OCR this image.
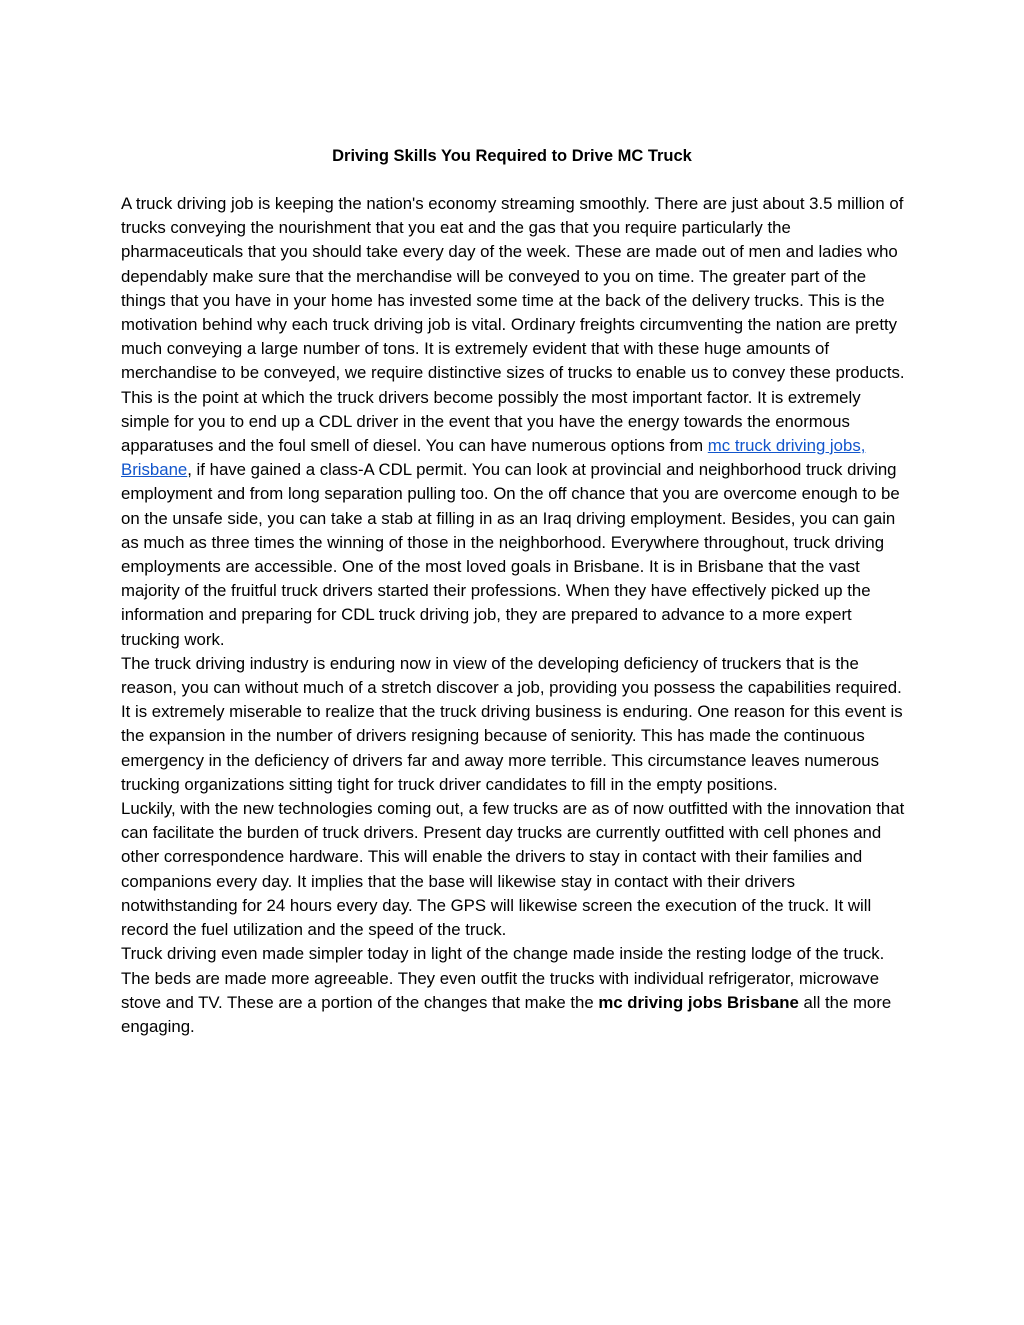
Driving Skills You Required to Drive MC Truck

A truck driving job is keeping the nation's economy streaming smoothly. There are just about 3.5 million of trucks conveying the nourishment that you eat and the gas that you require particularly the pharmaceuticals that you should take every day of the week. These are made out of men and ladies who dependably make sure that the merchandise will be conveyed to you on time. The greater part of the things that you have in your home has invested some time at the back of the delivery trucks. This is the motivation behind why each truck driving job is vital. Ordinary freights circumventing the nation are pretty much conveying a large number of tons. It is extremely evident that with these huge amounts of merchandise to be conveyed, we require distinctive sizes of trucks to enable us to convey these products. This is the point at which the truck drivers become possibly the most important factor. It is extremely simple for you to end up a CDL driver in the event that you have the energy towards the enormous apparatuses and the foul smell of diesel. You can have numerous options from mc truck driving jobs, Brisbane, if have gained a class-A CDL permit. You can look at provincial and neighborhood truck driving employment and from long separation pulling too. On the off chance that you are overcome enough to be on the unsafe side, you can take a stab at filling in as an Iraq driving employment. Besides, you can gain as much as three times the winning of those in the neighborhood. Everywhere throughout, truck driving employments are accessible. One of the most loved goals in Brisbane. It is in Brisbane that the vast majority of the fruitful truck drivers started their professions. When they have effectively picked up the information and preparing for CDL truck driving job, they are prepared to advance to a more expert trucking work.

The truck driving industry is enduring now in view of the developing deficiency of truckers that is the reason, you can without much of a stretch discover a job, providing you possess the capabilities required.

It is extremely miserable to realize that the truck driving business is enduring. One reason for this event is the expansion in the number of drivers resigning because of seniority. This has made the continuous emergency in the deficiency of drivers far and away more terrible. This circumstance leaves numerous trucking organizations sitting tight for truck driver candidates to fill in the empty positions.

Luckily, with the new technologies coming out, a few trucks are as of now outfitted with the innovation that can facilitate the burden of truck drivers. Present day trucks are currently outfitted with cell phones and other correspondence hardware. This will enable the drivers to stay in contact with their families and companions every day. It implies that the base will likewise stay in contact with their drivers notwithstanding for 24 hours every day. The GPS will likewise screen the execution of the truck. It will record the fuel utilization and the speed of the truck.

Truck driving even made simpler today in light of the change made inside the resting lodge of the truck. The beds are made more agreeable. They even outfit the trucks with individual refrigerator, microwave stove and TV. These are a portion of the changes that make the mc driving jobs Brisbane all the more engaging.
